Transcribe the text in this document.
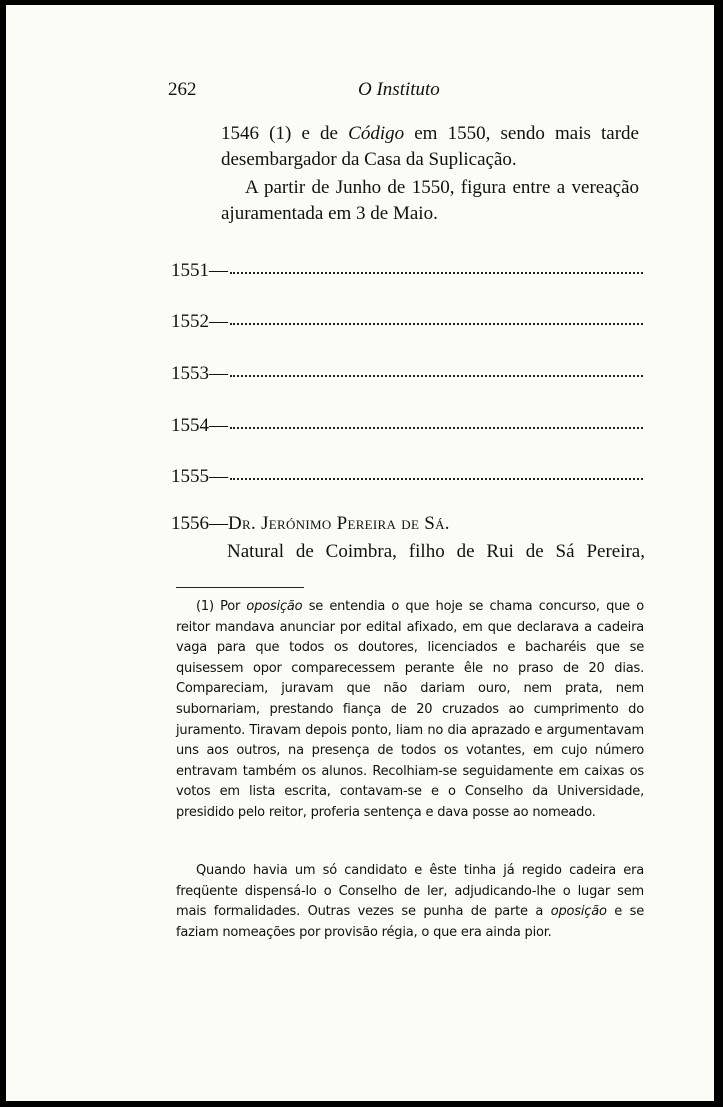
262	O Instituto
1546 (1) e de Código em 1550, sendo mais tarde desembargador da Casa da Suplicação.
A partir de Junho de 1550, figura entre a vereação ajuramentada em 3 de Maio.
1551—
1552—
1553—
1554—
1555—
1556—Dr. Jerónimo Pereira de Sá.
Natural de Coimbra, filho de Rui de Sá Pereira,
(1) Por oposição se entendia o que hoje se chama concurso, que o reitor mandava anunciar por edital afixado, em que declarava a cadeira vaga para que todos os doutores, licenciados e bacharéis que se quisessem opor comparecessem perante êle no praso de 20 dias. Compareciam, juravam que não dariam ouro, nem prata, nem subornariam, prestando fiança de 20 cruzados ao cumprimento do juramento. Tiravam depois ponto, liam no dia aprazado e argumentavam uns aos outros, na presença de todos os votantes, em cujo número entravam também os alunos. Recolhiam-se seguidamente em caixas os votos em lista escrita, contavam-se e o Conselho da Universidade, presidido pelo reitor, proferia sentença e dava posse ao nomeado.
Quando havia um só candidato e êste tinha já regido cadeira era freqüente dispensá-lo o Conselho de ler, adjudicando-lhe o lugar sem mais formalidades. Outras vezes se punha de parte a oposição e se faziam nomeações por provisão régia, o que era ainda pior.
